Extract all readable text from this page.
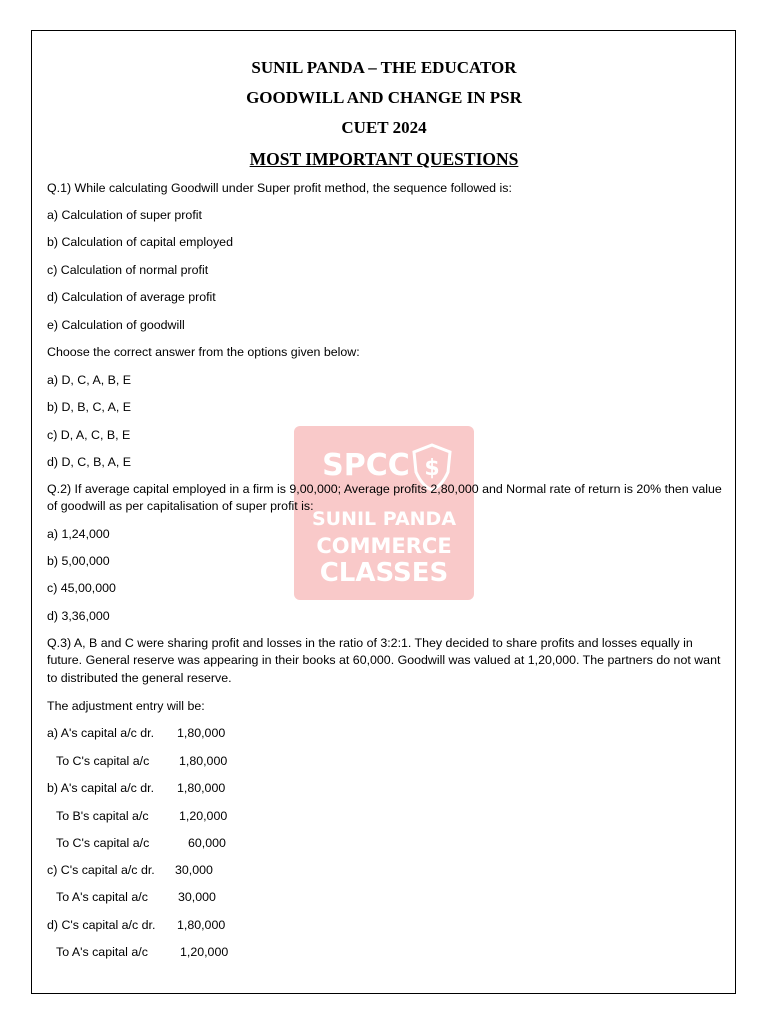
SPCC $
SUNIL PANDA
COMMERCE
CLASSES
SUNIL PANDA – THE EDUCATOR
GOODWILL AND CHANGE IN PSR
CUET 2024
MOST IMPORTANT QUESTIONS
Q.1) While calculating Goodwill under Super profit method, the sequence followed is:
a) Calculation of super profit
b) Calculation of capital employed
c) Calculation of normal profit
d) Calculation of average profit
e) Calculation of goodwill
Choose the correct answer from the options given below:
a) D, C, A, B, E
b) D, B, C, A, E
c) D, A, C, B, E
d) D, C, B, A, E
Q.2) If average capital employed in a firm is 9,00,000; Average profits 2,80,000 and Normal rate of return is 20% then value of goodwill as per capitalisation of super profit is:
a) 1,24,000
b) 5,00,000
c) 45,00,000
d) 3,36,000
Q.3) A, B and C were sharing profit and losses in the ratio of 3:2:1. They decided to share profits and losses equally in future. General reserve was appearing in their books at 60,000. Goodwill was valued at 1,20,000. The partners do not want to distributed the general reserve.
The adjustment entry will be:
a) A's capital a/c dr. 1,80,000
To C's capital a/c 1,80,000
b) A's capital a/c dr. 1,80,000
To B's capital a/c 1,20,000
To C's capital a/c	60,000
c) C's capital a/c dr. 30,000
To A's capital a/c 30,000
d) C's capital a/c dr. 1,80,000
To A's capital a/c	1,20,000
